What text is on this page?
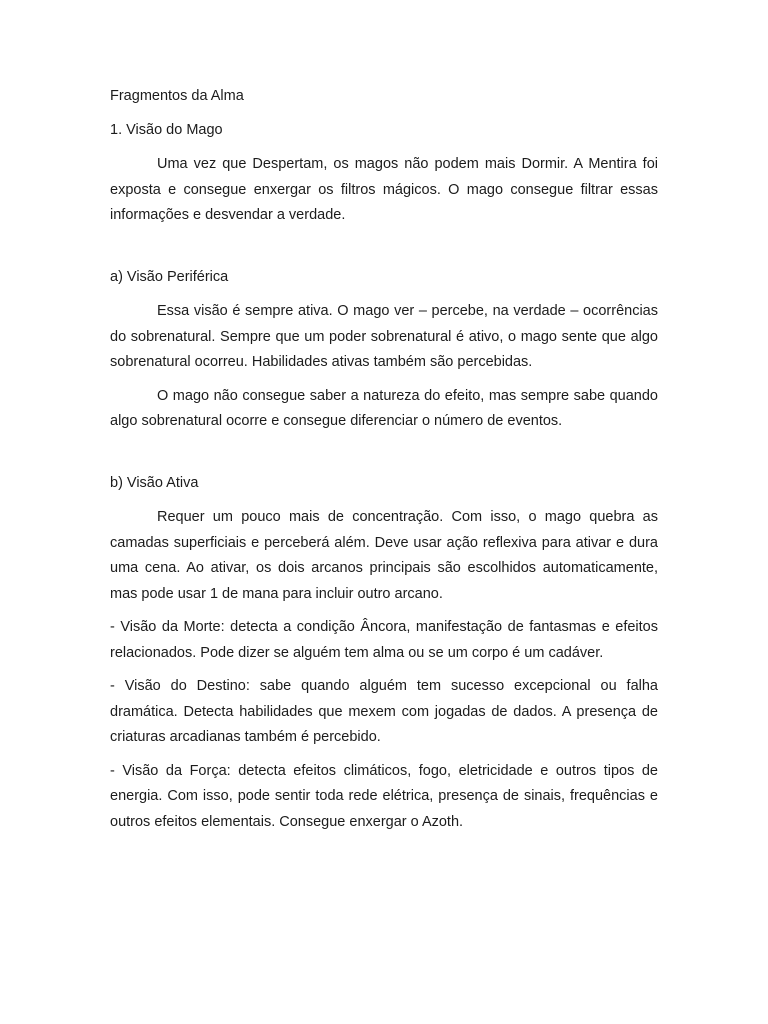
Fragmentos da Alma

1. Visão do Mago

Uma vez que Despertam, os magos não podem mais Dormir. A Mentira foi exposta e consegue enxergar os filtros mágicos. O mago consegue filtrar essas informações e desvendar a verdade.

a) Visão Periférica

Essa visão é sempre ativa. O mago ver – percebe, na verdade – ocorrências do sobrenatural. Sempre que um poder sobrenatural é ativo, o mago sente que algo sobrenatural ocorreu. Habilidades ativas também são percebidas.

O mago não consegue saber a natureza do efeito, mas sempre sabe quando algo sobrenatural ocorre e consegue diferenciar o número de eventos.

b) Visão Ativa

Requer um pouco mais de concentração. Com isso, o mago quebra as camadas superficiais e perceberá além. Deve usar ação reflexiva para ativar e dura uma cena. Ao ativar, os dois arcanos principais são escolhidos automaticamente, mas pode usar 1 de mana para incluir outro arcano.

- Visão da Morte: detecta a condição Âncora, manifestação de fantasmas e efeitos relacionados. Pode dizer se alguém tem alma ou se um corpo é um cadáver.

- Visão do Destino: sabe quando alguém tem sucesso excepcional ou falha dramática. Detecta habilidades que mexem com jogadas de dados. A presença de criaturas arcadianas também é percebido.

- Visão da Força: detecta efeitos climáticos, fogo, eletricidade e outros tipos de energia. Com isso, pode sentir toda rede elétrica, presença de sinais, frequências e outros efeitos elementais. Consegue enxergar o Azoth.
